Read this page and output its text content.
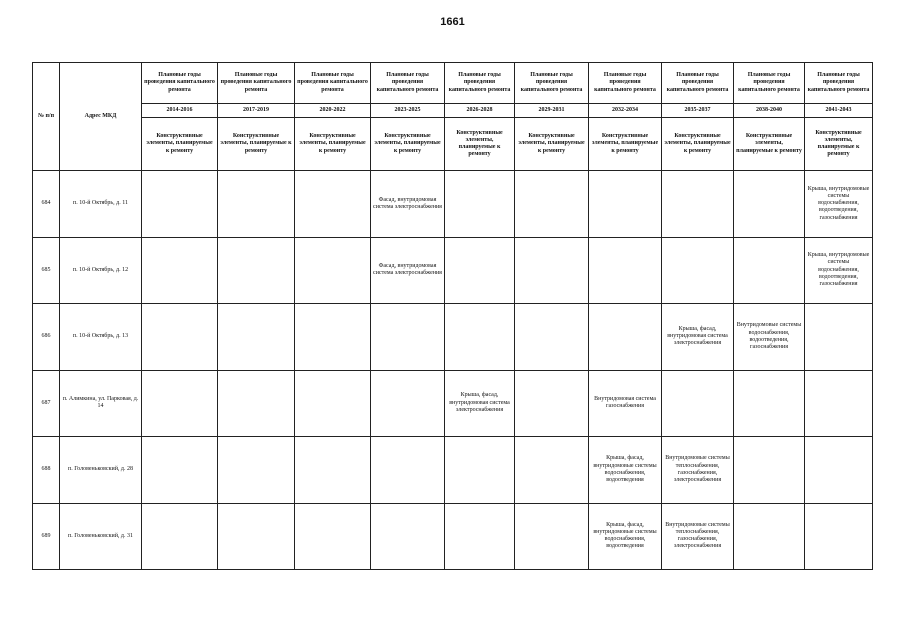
1661
№ п/п	Адрес МКД	Плановые годы проведения капитального ремонта	Плановые годы проведения капитального ремонта	Плановые годы проведения капитального ремонта	Плановые годы проведения капитального ремонта	Плановые годы проведения капитального ремонта	Плановые годы проведения капитального ремонта	Плановые годы проведения капитального ремонта	Плановые годы проведения капитального ремонта	Плановые годы проведения капитального ремонта	Плановые годы проведения капитального ремонта
		2014-2016	2017-2019	2020-2022	2023-2025	2026-2028	2029-2031	2032-2034	2035-2037	2038-2040	2041-2043
		Конструктивные элементы, планируемые к ремонту	Конструктивные элементы, планируемые к ремонту	Конструктивные элементы, планируемые к ремонту	Конструктивные элементы, планируемые к ремонту	Конструктивные элементы, планируемые к ремонту	Конструктивные элементы, планируемые к ремонту	Конструктивные элементы, планируемые к ремонту	Конструктивные элементы, планируемые к ремонту	Конструктивные элементы, планируемые к ремонту	Конструктивные элементы, планируемые к ремонту
684	п. 10-й Октябрь, д. 11				Фасад, внутридомовая система электроснабжения						Крыша, внутридомовые системы водоснабжения, водоотведения, газоснабжения
685	п. 10-й Октябрь, д. 12				Фасад, внутридомовая система электроснабжения						Крыша, внутридомовые системы водоснабжения, водоотведения, газоснабжения
686	п. 10-й Октябрь, д. 13								Крыша, фасад, внутридомовая система электроснабжения	Внутридомовые системы водоснабжения, водоотведения, газоснабжения	
687	п. Алимкина, ул. Парковая, д. 14					Крыша, фасад, внутридомовая система электроснабжения		Внутридомовая система газоснабжения			
688	п. Головеньковский, д. 28							Крыша, фасад, внутридомовые системы водоснабжения, водоотведения	Внутридомовые системы теплоснабжения, газоснабжения, электроснабжения		
689	п. Головеньковский, д. 31							Крыша, фасад, внутридомовые системы водоснабжения, водоотведения	Внутридомовые системы теплоснабжения, газоснабжения, электроснабжения		
